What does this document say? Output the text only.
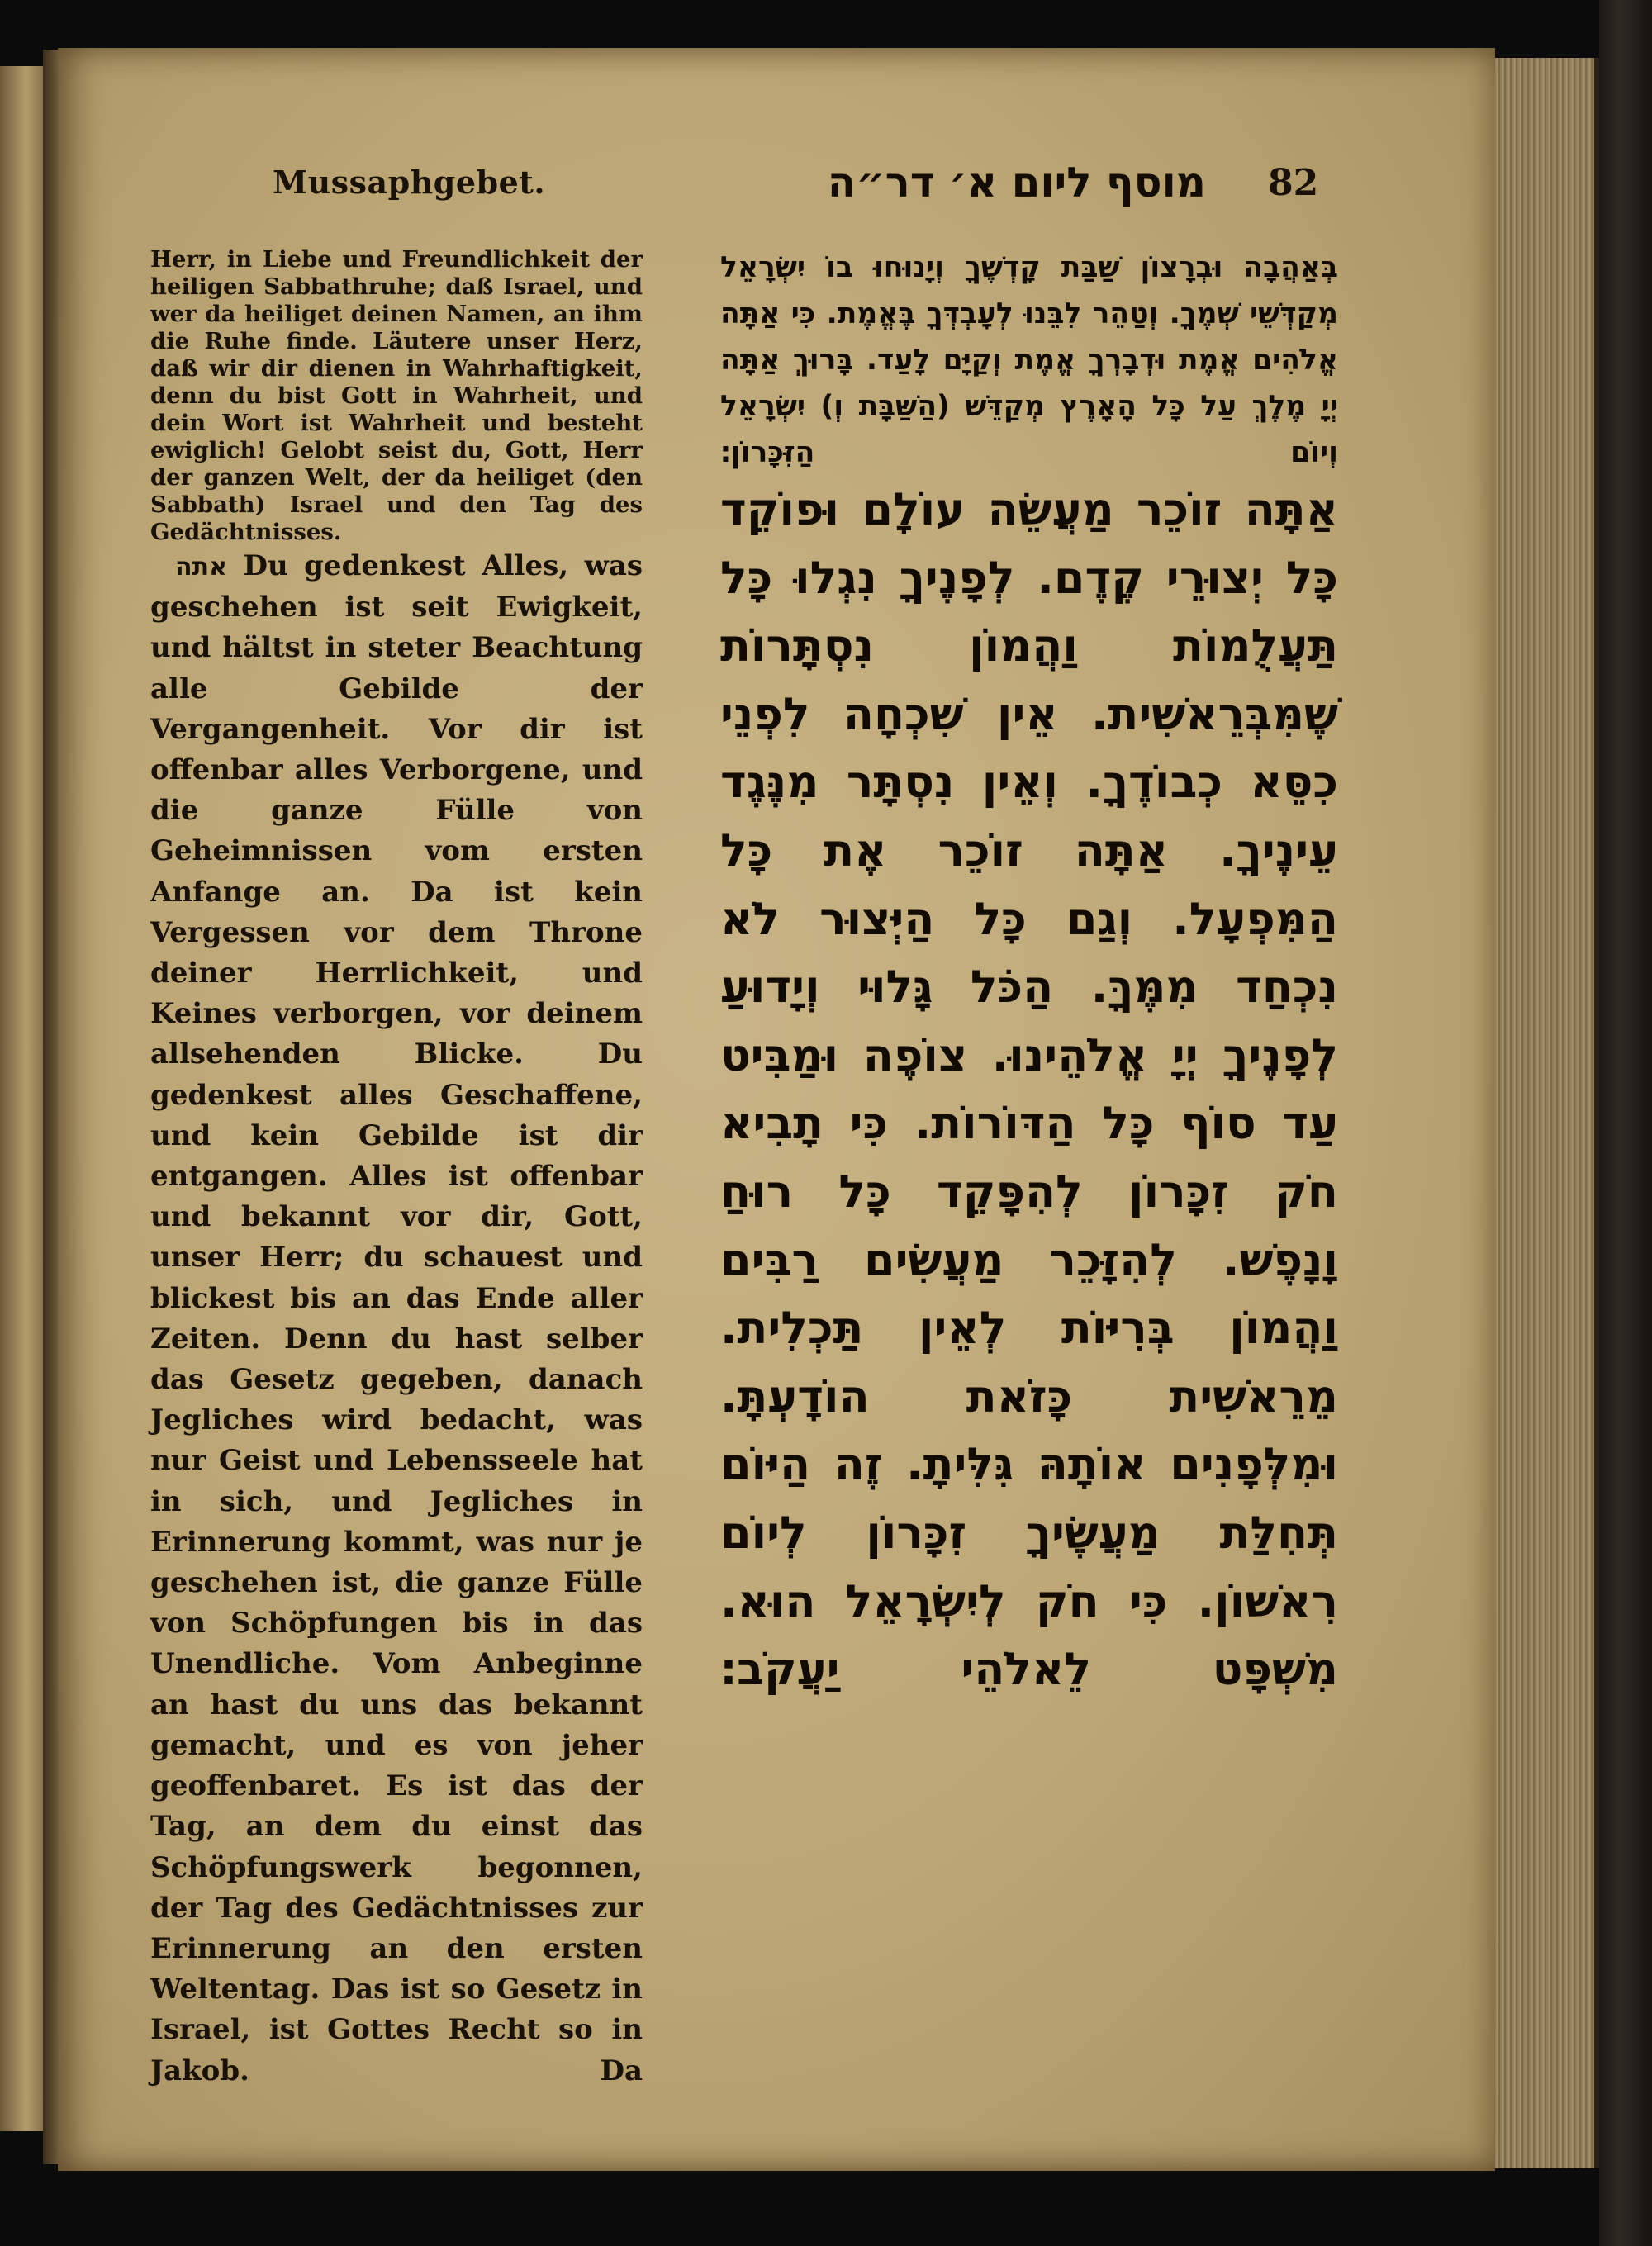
Mussaphgebet.	מוסף ליום א׳ דר״ה 82

Herr, in Liebe und Freundlichkeit der heiligen Sabbathruhe; daß Israel, und wer da heiliget deinen Namen, an ihm die Ruhe finde. Läutere unser Herz, daß wir dir dienen in Wahrhaftigkeit, denn du bist Gott in Wahrheit, und dein Wort ist Wahrheit und besteht ewiglich! Gelobt seist du, Gott, Herr der ganzen Welt, der da heiliget (den Sabbath) Israel und den Tag des Gedächtnisses.

אתה Du gedenkest Alles, was geschehen ist seit Ewigkeit, und hältst in steter Beachtung alle Gebilde der Vergangenheit. Vor dir ist offenbar alles Verborgene, und die ganze Fülle von Geheimnissen vom ersten Anfange an. Da ist kein Vergessen vor dem Throne deiner Herrlichkeit, und Keines verborgen, vor deinem allsehenden Blicke. Du gedenkest alles Geschaffene, und kein Gebilde ist dir entgangen. Alles ist offenbar und bekannt vor dir, Gott, unser Herr; du schauest und blickest bis an das Ende aller Zeiten. Denn du hast selber das Gesetz gegeben, danach Jegliches wird bedacht, was nur Geist und Lebensseele hat in sich, und Jegliches in Erinnerung kommt, was nur je geschehen ist, die ganze Fülle von Schöpfungen bis in das Unendliche. Vom Anbeginne an hast du uns das bekannt gemacht, und es von jeher geoffenbaret. Es ist das der Tag, an dem du einst das Schöpfungswerk begonnen, der Tag des Gedächtnisses zur Erinnerung an den ersten Weltentag. Das ist so Gesetz in Israel, ist Gottes Recht so in Jakob. Da

בְּאַהֲבָה וּבְרָצוֹן שַׁבַּת קָדְשֶׁךָ וְיָנוּחוּ בוֹ יִשְׂרָאֵל מְקַדְּשֵׁי שְׁמֶךָ. וְטַהֵר לִבֵּנוּ לְעָבְדְּךָ בֶּאֱמֶת. כִּי אַתָּה אֱלֹהִים אֱמֶת וּדְבָרְךָ אֱמֶת וְקַיָּם לָעַד. בָּרוּךְ אַתָּה יְיָ מֶלֶךְ עַל כָּל הָאָרֶץ מְקַדֵּשׁ (הַשַּׁבָּת וְ) יִשְׂרָאֵל וְיוֹם הַזִּכָּרוֹן׃

אַתָּה זוֹכֵר מַעֲשֵׂה עוֹלָם וּפוֹקֵד כָּל יְצוּרֵי קֶדֶם. לְפָנֶיךָ נִגְלוּ כָּל תַּעֲלֻמוֹת וַהֲמוֹן נִסְתָּרוֹת שֶׁמִּבְּרֵאשִׁית. אֵין שִׁכְחָה לִפְנֵי כִסֵּא כְבוֹדֶךָ. וְאֵין נִסְתָּר מִנֶּגֶד עֵינֶיךָ. אַתָּה זוֹכֵר אֶת כָּל הַמִּפְעָל. וְגַם כָּל הַיְּצוּר לֹא נִכְחַד מִמֶּךָּ. הַכֹּל גָּלוּי וְיָדוּעַ לְפָנֶיךָ יְיָ אֱלֹהֵינוּ. צוֹפֶה וּמַבִּיט עַד סוֹף כָּל הַדּוֹרוֹת. כִּי תָבִיא חֹק זִכָּרוֹן לְהִפָּקֵד כָּל רוּחַ וָנָפֶשׁ. לְהִזָּכֵר מַעֲשִׂים רַבִּים וַהֲמוֹן בְּרִיּוֹת לְאֵין תַּכְלִית. מֵרֵאשִׁית כָּזֹאת הוֹדָעְתָּ. וּמִלְּפָנִים אוֹתָהּ גִּלִּיתָ. זֶה הַיּוֹם תְּחִלַּת מַעֲשֶׂיךָ זִכָּרוֹן לְיוֹם רִאשׁוֹן. כִּי חֹק לְיִשְׂרָאֵל הוּא. מִשְׁפָּט לֵאלֹהֵי יַעֲקֹב׃
